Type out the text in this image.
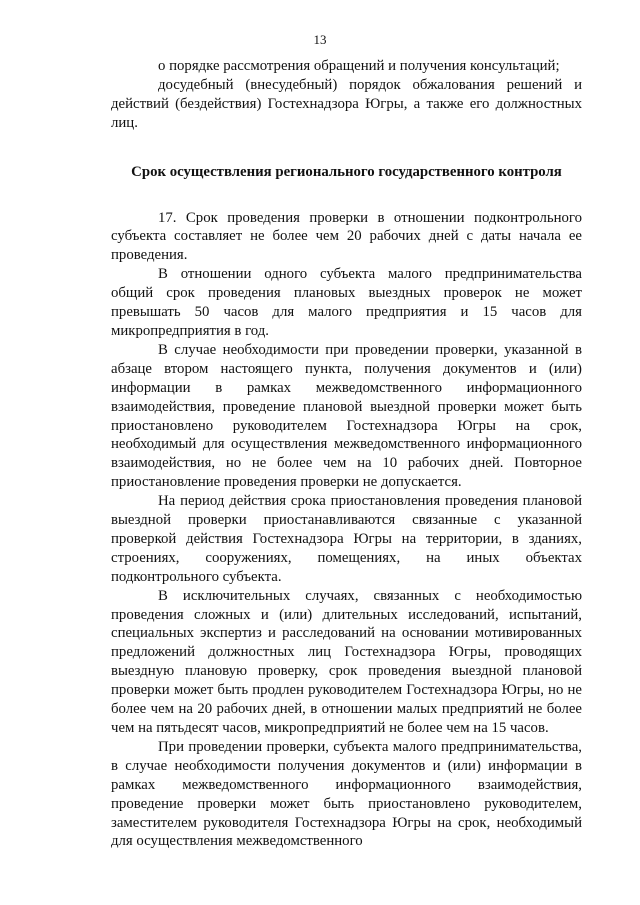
13

о порядке рассмотрения обращений и получения консультаций;

досудебный (внесудебный) порядок обжалования решений и действий (бездействия) Гостехнадзора Югры, а также его должностных лиц.

Срок осуществления регионального государственного контроля

17. Срок проведения проверки в отношении подконтрольного субъекта составляет не более чем 20 рабочих дней с даты начала ее проведения.

В отношении одного субъекта малого предпринимательства общий срок проведения плановых выездных проверок не может превышать 50 часов для малого предприятия и 15 часов для микропредприятия в год.

В случае необходимости при проведении проверки, указанной в абзаце втором настоящего пункта, получения документов и (или) информации в рамках межведомственного информационного взаимодействия, проведение плановой выездной проверки может быть приостановлено руководителем Гостехнадзора Югры на срок, необходимый для осуществления межведомственного информационного взаимодействия, но не более чем на 10 рабочих дней. Повторное приостановление проведения проверки не допускается.

На период действия срока приостановления проведения плановой выездной проверки приостанавливаются связанные с указанной проверкой действия Гостехнадзора Югры на территории, в зданиях, строениях, сооружениях, помещениях, на иных объектах подконтрольного субъекта.

В исключительных случаях, связанных с необходимостью проведения сложных и (или) длительных исследований, испытаний, специальных экспертиз и расследований на основании мотивированных предложений должностных лиц Гостехнадзора Югры, проводящих выездную плановую проверку, срок проведения выездной плановой проверки может быть продлен руководителем Гостехнадзора Югры, но не более чем на 20 рабочих дней, в отношении малых предприятий не более чем на пятьдесят часов, микропредприятий не более чем на 15 часов.

При проведении проверки, субъекта малого предпринимательства, в случае необходимости получения документов и (или) информации в рамках межведомственного информационного взаимодействия, проведение проверки может быть приостановлено руководителем, заместителем руководителя Гостехнадзора Югры на срок, необходимый для осуществления межведомственного
